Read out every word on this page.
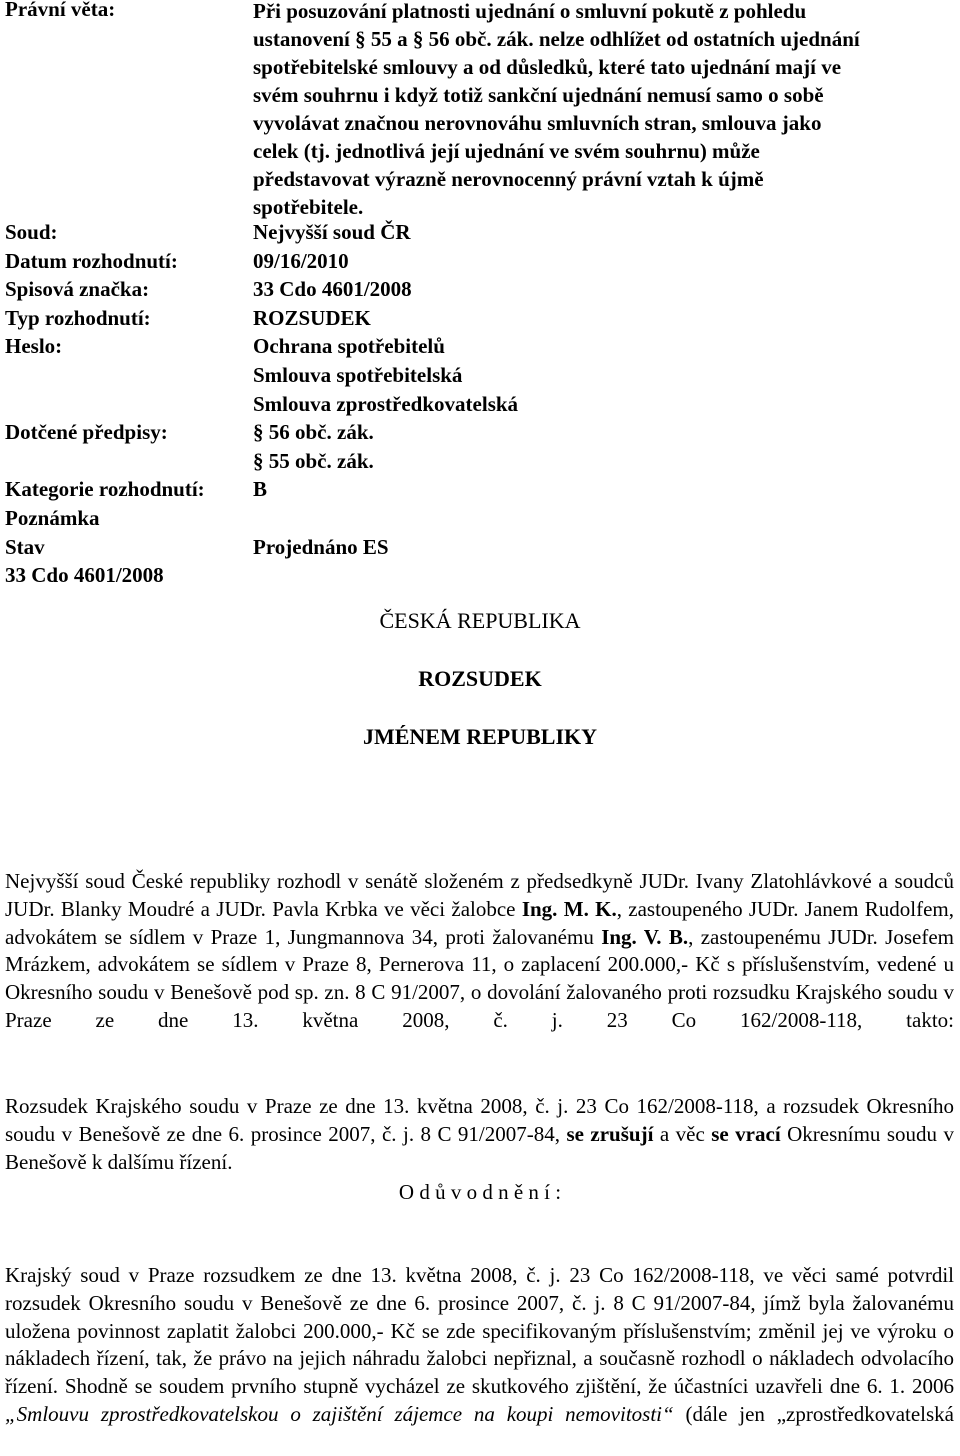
Právní věta:	Při posuzování platnosti ujednání o smluvní pokutě z pohledu
ustanovení § 55 a § 56 obč. zák. nelze odhlížet od ostatních ujednání
spotřebitelské smlouvy a od důsledků, které tato ujednání mají ve
svém souhrnu i když totiž sankční ujednání nemusí samo o sobě
vyvolávat značnou nerovnováhu smluvních stran, smlouva jako
celek (tj. jednotlivá její ujednání ve svém souhrnu) může
představovat výrazně nerovnocenný právní vztah k újmě
spotřebitele.
Soud:	Nejvyšší soud ČR
Datum rozhodnutí:	09/16/2010
Spisová značka:	33 Cdo 4601/2008
Typ rozhodnutí:	ROZSUDEK
Heslo:	Ochrana spotřebitelů
Smlouva spotřebitelská
Smlouva zprostředkovatelská
Dotčené předpisy:	§ 56 obč. zák.
§ 55 obč. zák.
Kategorie rozhodnutí: B
Poznámka
Stav	Projednáno ES
33 Cdo 4601/2008
ČESKÁ REPUBLIKA
ROZSUDEK
JMÉNEM REPUBLIKY
Nejvyšší soud České republiky rozhodl v senátě složeném z předsedkyně JUDr. Ivany Zlatohlávkové a soudců JUDr. Blanky Moudré a JUDr. Pavla Krbka ve věci žalobce Ing. M. K., zastoupeného JUDr. Janem Rudolfem, advokátem se sídlem v Praze 1, Jungmannova 34, proti žalovanému Ing. V. B., zastoupenému JUDr. Josefem Mrázkem, advokátem se sídlem v Praze 8, Pernerova 11, o zaplacení 200.000,- Kč s příslušenstvím, vedené u Okresního soudu v Benešově pod sp. zn. 8 C 91/2007, o dovolání žalovaného proti rozsudku Krajského soudu v Praze ze dne 13. května 2008, č. j. 23 Co 162/2008-118, takto:
Rozsudek Krajského soudu v Praze ze dne 13. května 2008, č. j. 23 Co 162/2008-118, a rozsudek Okresního soudu v Benešově ze dne 6. prosince 2007, č. j. 8 C 91/2007-84, se zrušují a věc se vrací Okresnímu soudu v Benešově k dalšímu řízení.
O d ů v o d n ě n í :
Krajský soud v Praze rozsudkem ze dne 13. května 2008, č. j. 23 Co 162/2008-118, ve věci samé potvrdil rozsudek Okresního soudu v Benešově ze dne 6. prosince 2007, č. j. 8 C 91/2007-84, jímž byla žalovanému uložena povinnost zaplatit žalobci 200.000,- Kč se zde specifikovaným příslušenstvím; změnil jej ve výroku o nákladech řízení, tak, že právo na jejich náhradu žalobci nepřiznal, a současně rozhodl o nákladech odvolacího řízení. Shodně se soudem prvního stupně vycházel ze skutkového zjištění, že účastníci uzavřeli dne 6. 1. 2006 „Smlouvu zprostředkovatelskou o zajištění zájemce na koupi nemovitosti“ (dále jen „zprostředkovatelská
